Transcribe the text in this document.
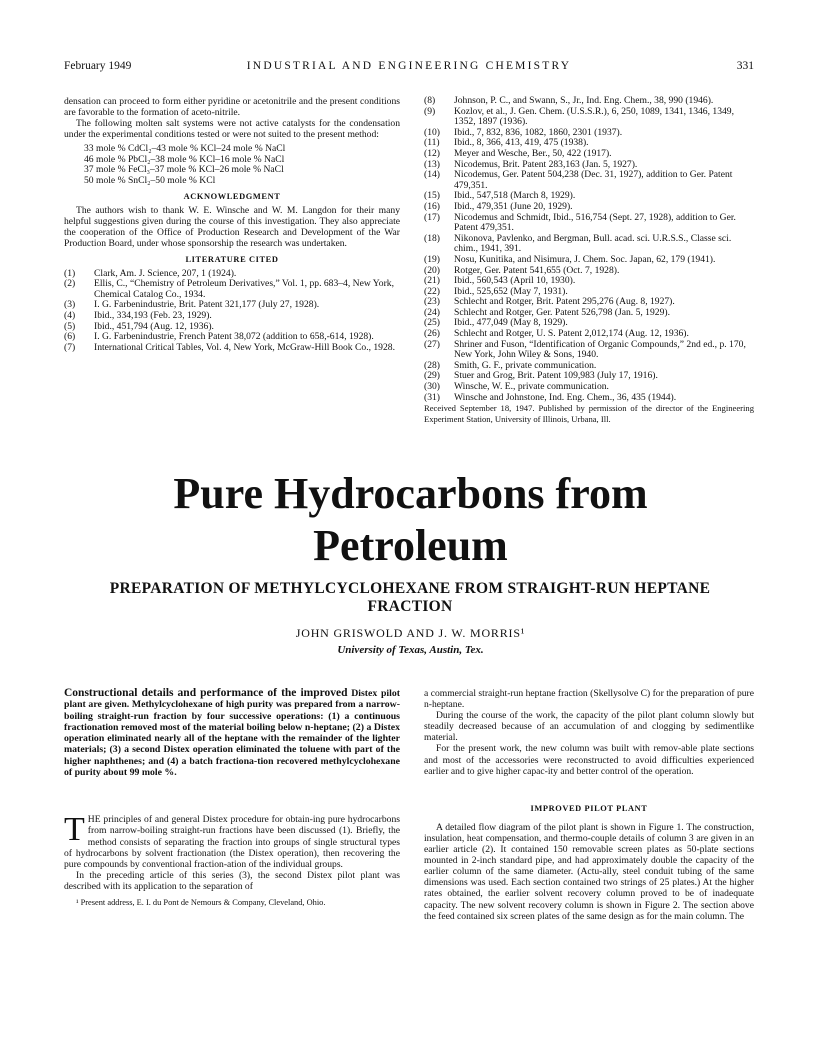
February 1949	INDUSTRIAL AND ENGINEERING CHEMISTRY	331

densation can proceed to form either pyridine or acetonitrile and the present conditions are favorable to the formation of aceto-nitrile.

The following molten salt systems were not active catalysts for the condensation under the experimental conditions tested or were not suited to the present method:

33 mole % CdCl₂–43 mole % KCl–24 mole % NaCl
46 mole % PbCl₂–38 mole % KCl–16 mole % NaCl
37 mole % FeCl₃–37 mole % KCl–26 mole % NaCl
50 mole % SnCl₂–50 mole % KCl

ACKNOWLEDGMENT

The authors wish to thank W. E. Winsche and W. M. Langdon for their many helpful suggestions given during the course of this investigation. They also appreciate the cooperation of the Office of Production Research and Development of the War Production Board, under whose sponsorship the research was undertaken.

LITERATURE CITED

(1) Clark, Am. J. Science, 207, 1 (1924).
(2) Ellis, C., “Chemistry of Petroleum Derivatives,” Vol. 1, pp. 683–4, New York, Chemical Catalog Co., 1934.
(3) I. G. Farbenindustrie, Brit. Patent 321,177 (July 27, 1928).
(4) Ibid., 334,193 (Feb. 23, 1929).
(5) Ibid., 451,794 (Aug. 12, 1936).
(6) I. G. Farbenindustrie, French Patent 38,072 (addition to 658,-614, 1928).
(7) International Critical Tables, Vol. 4, New York, McGraw-Hill Book Co., 1928.
(8) Johnson, P. C., and Swann, S., Jr., Ind. Eng. Chem., 38, 990 (1946).
(9) Kozlov, et al., J. Gen. Chem. (U.S.S.R.), 6, 250, 1089, 1341, 1346, 1349, 1352, 1897 (1936).
(10) Ibid., 7, 832, 836, 1082, 1860, 2301 (1937).
(11) Ibid., 8, 366, 413, 419, 475 (1938).
(12) Meyer and Wesche, Ber., 50, 422 (1917).
(13) Nicodemus, Brit. Patent 283,163 (Jan. 5, 1927).
(14) Nicodemus, Ger. Patent 504,238 (Dec. 31, 1927), addition to Ger. Patent 479,351.
(15) Ibid., 547,518 (March 8, 1929).
(16) Ibid., 479,351 (June 20, 1929).
(17) Nicodemus and Schmidt, Ibid., 516,754 (Sept. 27, 1928), addition to Ger. Patent 479,351.
(18) Nikonova, Pavlenko, and Bergman, Bull. acad. sci. U.R.S.S., Classe sci. chim., 1941, 391.
(19) Nosu, Kunitika, and Nisimura, J. Chem. Soc. Japan, 62, 179 (1941).
(20) Rotger, Ger. Patent 541,655 (Oct. 7, 1928).
(21) Ibid., 560,543 (April 10, 1930).
(22) Ibid., 525,652 (May 7, 1931).
(23) Schlecht and Rotger, Brit. Patent 295,276 (Aug. 8, 1927).
(24) Schlecht and Rotger, Ger. Patent 526,798 (Jan. 5, 1929).
(25) Ibid., 477,049 (May 8, 1929).
(26) Schlecht and Rotger, U. S. Patent 2,012,174 (Aug. 12, 1936).
(27) Shriner and Fuson, “Identification of Organic Compounds,” 2nd ed., p. 170, New York, John Wiley & Sons, 1940.
(28) Smith, G. F., private communication.
(29) Stuer and Grog, Brit. Patent 109,983 (July 17, 1916).
(30) Winsche, W. E., private communication.
(31) Winsche and Johnstone, Ind. Eng. Chem., 36, 435 (1944).

Received September 18, 1947. Published by permission of the director of the Engineering Experiment Station, University of Illinois, Urbana, Ill.

Pure Hydrocarbons from
Petroleum
PREPARATION OF METHYLCYCLOHEXANE FROM STRAIGHT-RUN HEPTANE FRACTION
JOHN GRISWOLD AND J. W. MORRIS¹
University of Texas, Austin, Tex.

Constructional details and performance of the improved Distex pilot plant are given. Methylcyclohexane of high purity was prepared from a narrow-boiling straight-run fraction by four successive operations: (1) a continuous fractionation removed most of the material boiling below n-heptane; (2) a Distex operation eliminated nearly all of the heptane with the remainder of the lighter materials; (3) a second Distex operation eliminated the toluene with part of the higher naphthenes; and (4) a batch fractiona-tion recovered methylcyclohexane of purity about 99 mole %.

THE principles of and general Distex procedure for obtain-ing pure hydrocarbons from narrow-boiling straight-run fractions have been discussed (1). Briefly, the method consists of separating the fraction into groups of single structural types of hydrocarbons by solvent fractionation (the Distex operation), then recovering the pure compounds by conventional fraction-ation of the individual groups.

In the preceding article of this series (3), the second Distex pilot plant was described with its application to the separation of

¹ Present address, E. I. du Pont de Nemours & Company, Cleveland, Ohio.

a commercial straight-run heptane fraction (Skellysolve C) for the preparation of pure n-heptane.

During the course of the work, the capacity of the pilot plant column slowly but steadily decreased because of an accumulation of and clogging by sedimentlike material.

For the present work, the new column was built with remov-able plate sections and most of the accessories were reconstructed to avoid difficulties experienced earlier and to give higher capac-ity and better control of the operation.

IMPROVED PILOT PLANT

A detailed flow diagram of the pilot plant is shown in Figure 1. The construction, insulation, heat compensation, and thermo-couple details of column 3 are given in an earlier article (2). It contained 150 removable screen plates as 50-plate sections mounted in 2-inch standard pipe, and had approximately double the capacity of the earlier column of the same diameter. (Actu-ally, steel conduit tubing of the same dimensions was used. Each section contained two strings of 25 plates.) At the higher rates obtained, the earlier solvent recovery column proved to be of inadequate capacity. The new solvent recovery column is shown in Figure 2. The section above the feed contained six screen plates of the same design as for the main column. The
